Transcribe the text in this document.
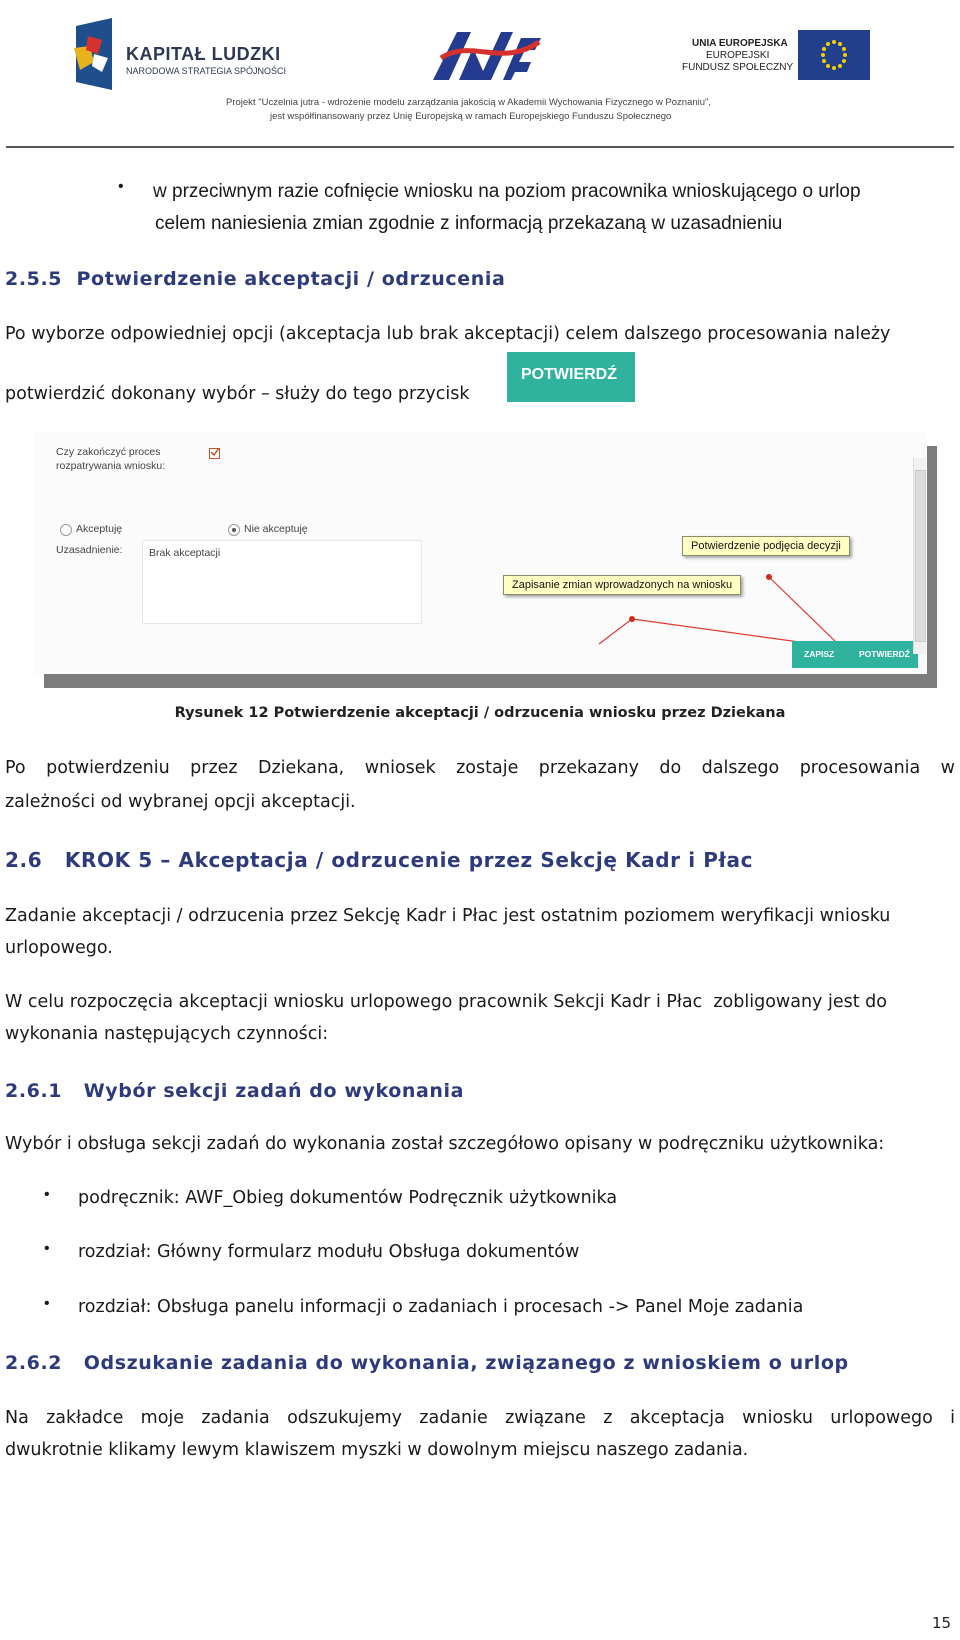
KAPITAŁ LUDZKI
NARODOWA STRATEGIA SPÓJNOŚCI
UNIA EUROPEJSKA
EUROPEJSKI
FUNDUSZ SPOŁECZNY
Projekt "Uczelnia jutra - wdrożenie modelu zarządzania jakością w Akademii Wychowania Fizycznego w Poznaniu",
jest współfinansowany przez Unię Europejską w ramach Europejskiego Funduszu Społecznego
• w przeciwnym razie cofnięcie wniosku na poziom pracownika wnioskującego o urlop
celem naniesienia zmian zgodnie z informacją przekazaną w uzasadnieniu
2.5.5  Potwierdzenie akceptacji / odrzucenia
Po wyborze odpowiedniej opcji (akceptacja lub brak akceptacji) celem dalszego procesowania należy
potwierdzić dokonany wybór – służy do tego przycisk
POTWIERDŹ
Czy zakończyć proces
rozpatrywania wniosku:
Akceptuję	Nie akceptuję
Uzasadnienie:	Brak akceptacji
Potwierdzenie podjęcia decyzji
Zapisanie zmian wprowadzonych na wniosku
ZAPISZ	POTWIERDŹ
Rysunek 12 Potwierdzenie akceptacji / odrzucenia wniosku przez Dziekana
Po potwierdzeniu przez Dziekana, wniosek zostaje przekazany do dalszego procesowania w
zależności od wybranej opcji akceptacji.
2.6   KROK 5 – Akceptacja / odrzucenie przez Sekcję Kadr i Płac
Zadanie akceptacji / odrzucenia przez Sekcję Kadr i Płac jest ostatnim poziomem weryfikacji wniosku
urlopowego.
W celu rozpoczęcia akceptacji wniosku urlopowego pracownik Sekcji Kadr i Płac  zobligowany jest do
wykonania następujących czynności:
2.6.1   Wybór sekcji zadań do wykonania
Wybór i obsługa sekcji zadań do wykonania został szczegółowo opisany w podręczniku użytkownika:
• podręcznik: AWF_Obieg dokumentów Podręcznik użytkownika
• rozdział: Główny formularz modułu Obsługa dokumentów
• rozdział: Obsługa panelu informacji o zadaniach i procesach -> Panel Moje zadania
2.6.2   Odszukanie zadania do wykonania, związanego z wnioskiem o urlop
Na zakładce moje zadania odszukujemy zadanie związane z akceptacja wniosku urlopowego i
dwukrotnie klikamy lewym klawiszem myszki w dowolnym miejscu naszego zadania.
15
